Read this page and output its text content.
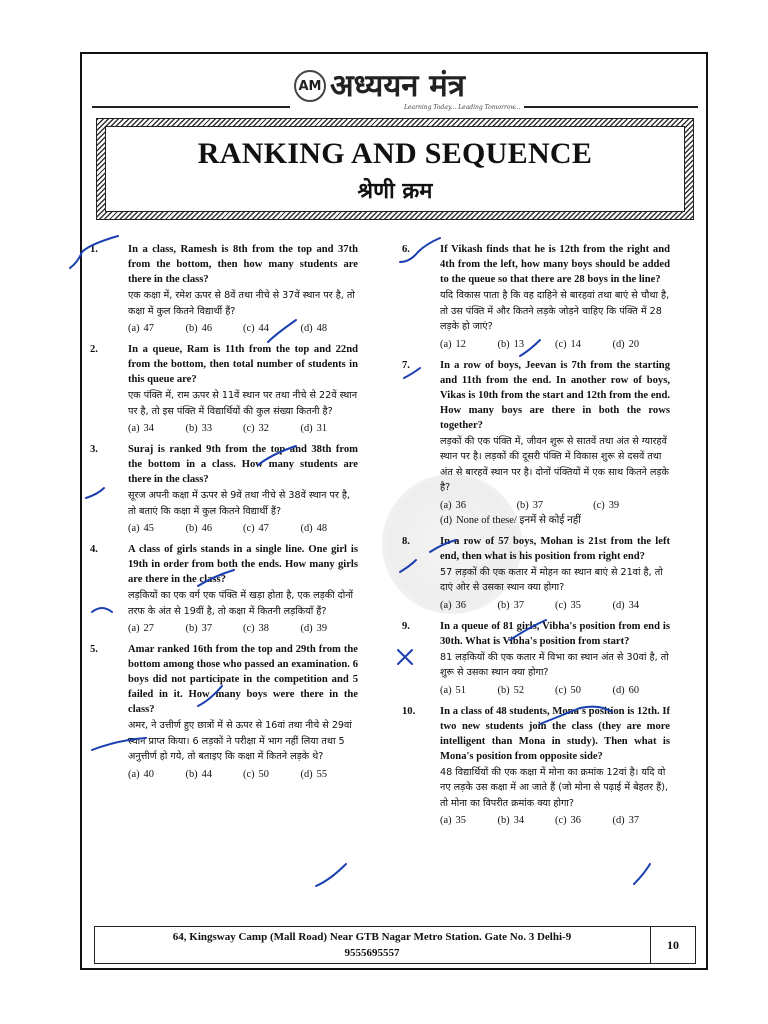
AM अध्ययन मंत्र
Learning Today... Leading Tomorrow...
RANKING AND SEQUENCE
श्रेणी क्रम
1.	In a class, Ramesh is 8th from the top and 37th from the bottom, then how many students are there in the class?
एक कक्षा में, रमेश ऊपर से 8वें तथा नीचे से 37वें स्थान पर है, तो कक्षा में कुल कितने विद्यार्थी हैं?
(a) 47	(b) 46	(c) 44	(d) 48
2.	In a queue, Ram is 11th from the top and 22nd from the bottom, then total number of students in this queue are?
एक पंक्ति में, राम ऊपर से 11वें स्थान पर तथा नीचे से 22वें स्थान पर है, तो इस पंक्ति में विद्यार्थियों की कुल संख्या कितनी है?
(a) 34	(b) 33	(c) 32	(d) 31
3.	Suraj is ranked 9th from the top and 38th from the bottom in a class. How many students are there in the class?
सूरज अपनी कक्षा में ऊपर से 9वें तथा नीचे से 38वें स्थान पर है, तो बताएं कि कक्षा में कुल कितने विद्यार्थी हैं?
(a) 45	(b) 46	(c) 47	(d) 48
4.	A class of girls stands in a single line. One girl is 19th in order from both the ends. How many girls are there in the class?
लड़कियों का एक वर्ग एक पंक्ति में खड़ा होता है, एक लड़की दोनों तरफ के अंत से 19वीं है, तो कक्षा में कितनी लड़कियाँ हैं?
(a) 27	(b) 37	(c) 38	(d) 39
5.	Amar ranked 16th from the top and 29th from the bottom among those who passed an examination. 6 boys did not participate in the competition and 5 failed in it. How many boys were there in the class?
अमर, ने उत्तीर्ण हुए छात्रों में से ऊपर से 16वां तथा नीचे से 29वां स्थान प्राप्त किया। 6 लड़कों ने परीक्षा में भाग नहीं लिया तथा 5 अनुत्तीर्ण हो गये, तो बताइए कि कक्षा में कितने लड़के थे?
(a) 40	(b) 44	(c) 50	(d) 55
6.	If Vikash finds that he is 12th from the right and 4th from the left, how many boys should be added to the queue so that there are 28 boys in the line?
यदि विकास पाता है कि वह दाहिने से बारहवां तथा बाएं से चौथा है, तो उस पंक्ति में और कितने लड़के जोड़ने चाहिए कि पंक्ति में 28 लड़के हो जाएं?
(a) 12	(b) 13	(c) 14	(d) 20
7.	In a row of boys, Jeevan is 7th from the starting and 11th from the end. In another row of boys, Vikas is 10th from the start and 12th from the end. How many boys are there in both the rows together?
लड़कों की एक पंक्ति में, जीवन शुरू से सातवें तथा अंत से ग्यारहवें स्थान पर है। लड़कों की दूसरी पंक्ति में विकास शुरू से दसवें तथा अंत से बारहवें स्थान पर है। दोनों पंक्तियों में एक साथ कितने लड़के है?
(a) 36	(b) 37	(c) 39
(d) None of these/ इनमें से कोई नहीं
8.	In a row of 57 boys, Mohan is 21st from the left end, then what is his position from right end?
57 लड़कों की एक कतार में मोहन का स्थान बाएं से 21वां है, तो दाएं ओर से उसका स्थान क्या होगा?
(a) 36	(b) 37	(c) 35	(d) 34
9.	In a queue of 81 girls, Vibha's position from end is 30th. What is Vibha's position from start?
81 लड़कियों की एक कतार में विभा का स्थान अंत से 30वां है, तो शुरू से उसका स्थान क्या होगा?
(a) 51	(b) 52	(c) 50	(d) 60
10. In a class of 48 students, Mona's position is 12th. If two new students join the class (they are more intelligent than Mona in study). Then what is Mona's position from opposite side?
48 विद्यार्थियों की एक कक्षा में मोना का क्रमांक 12वां है। यदि वो नए लड़के उस कक्षा में आ जाते हैं (जो मोना से पढ़ाई में बेहतर हैं), तो मोना का विपरीत क्रमांक क्या होगा?
(a) 35	(b) 34	(c) 36	(d) 37
64, Kingsway Camp (Mall Road) Near GTB Nagar Metro Station. Gate No. 3 Delhi-9
9555695557
10
